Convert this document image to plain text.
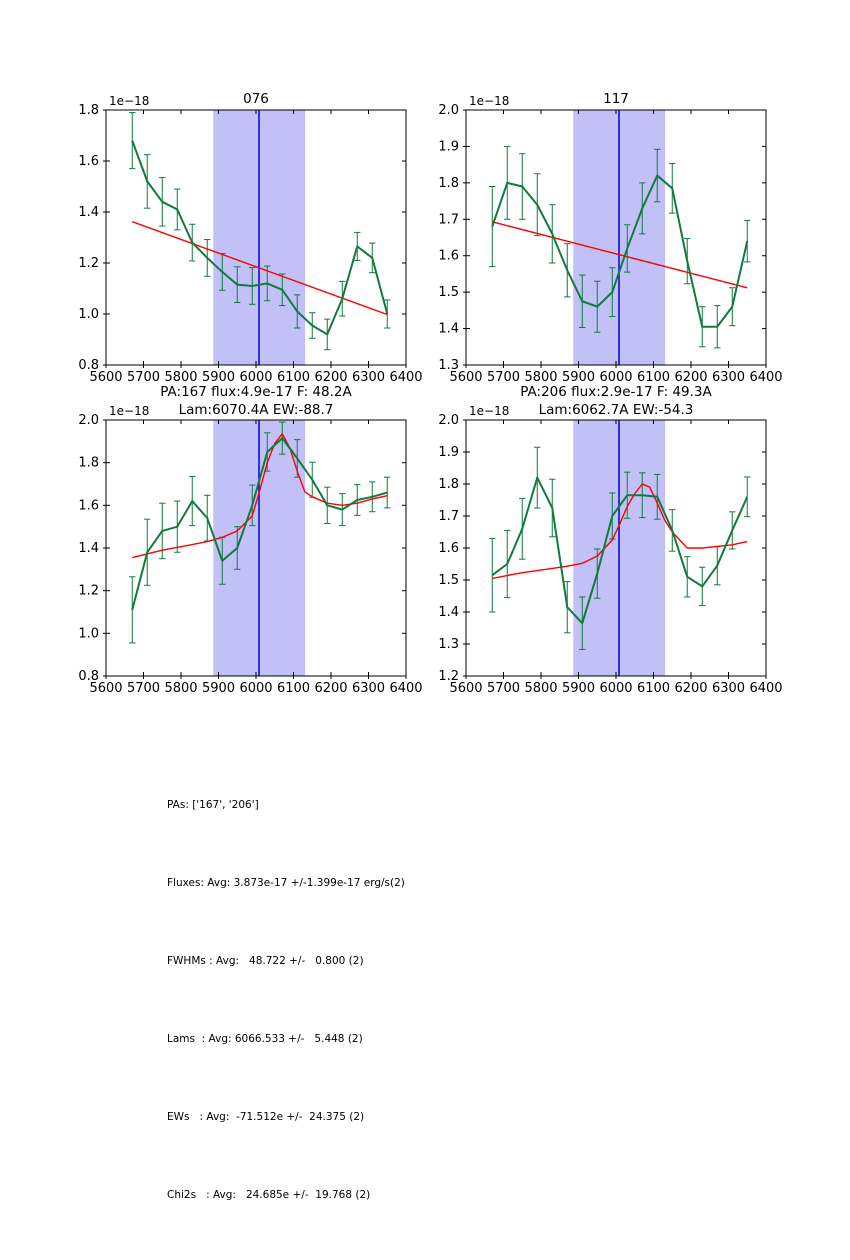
5600 5700 5800 5900 6000 6100 6200 6300 6400
0.8
1.0
1.2
1.4
1.6
1.8
1e−18	076
5600 5700 5800 5900 6000 6100 6200 6300 6400
1.3
1.4
1.5
1.6
1.7
1.8
1.9
2.0
1e−18	117
5600 5700 5800 5900 6000 6100 6200 6300 6400
0.8
1.0
1.2
1.4
1.6
1.8
2.0
1e−18
PA:167 flux:4.9e-17 F: 48.2A
Lam:6070.4A EW:-88.7
5600 5700 5800 5900 6000 6100 6200 6300 6400
1.2
1.3
1.4
1.5
1.6
1.7
1.8
1.9
2.0
1e−18
PA:206 flux:2.9e-17 F: 49.3A
Lam:6062.7A EW:-54.3

PAs: ['167', '206']

Fluxes: Avg: 3.873e-17 +/-1.399e-17 erg/s(2)

FWHMs : Avg:   48.722 +/-   0.800 (2)

Lams  : Avg: 6066.533 +/-   5.448 (2)

EWs   : Avg:  -71.512e +/-  24.375 (2)

Chi2s   : Avg:   24.685e +/-  19.768 (2)
